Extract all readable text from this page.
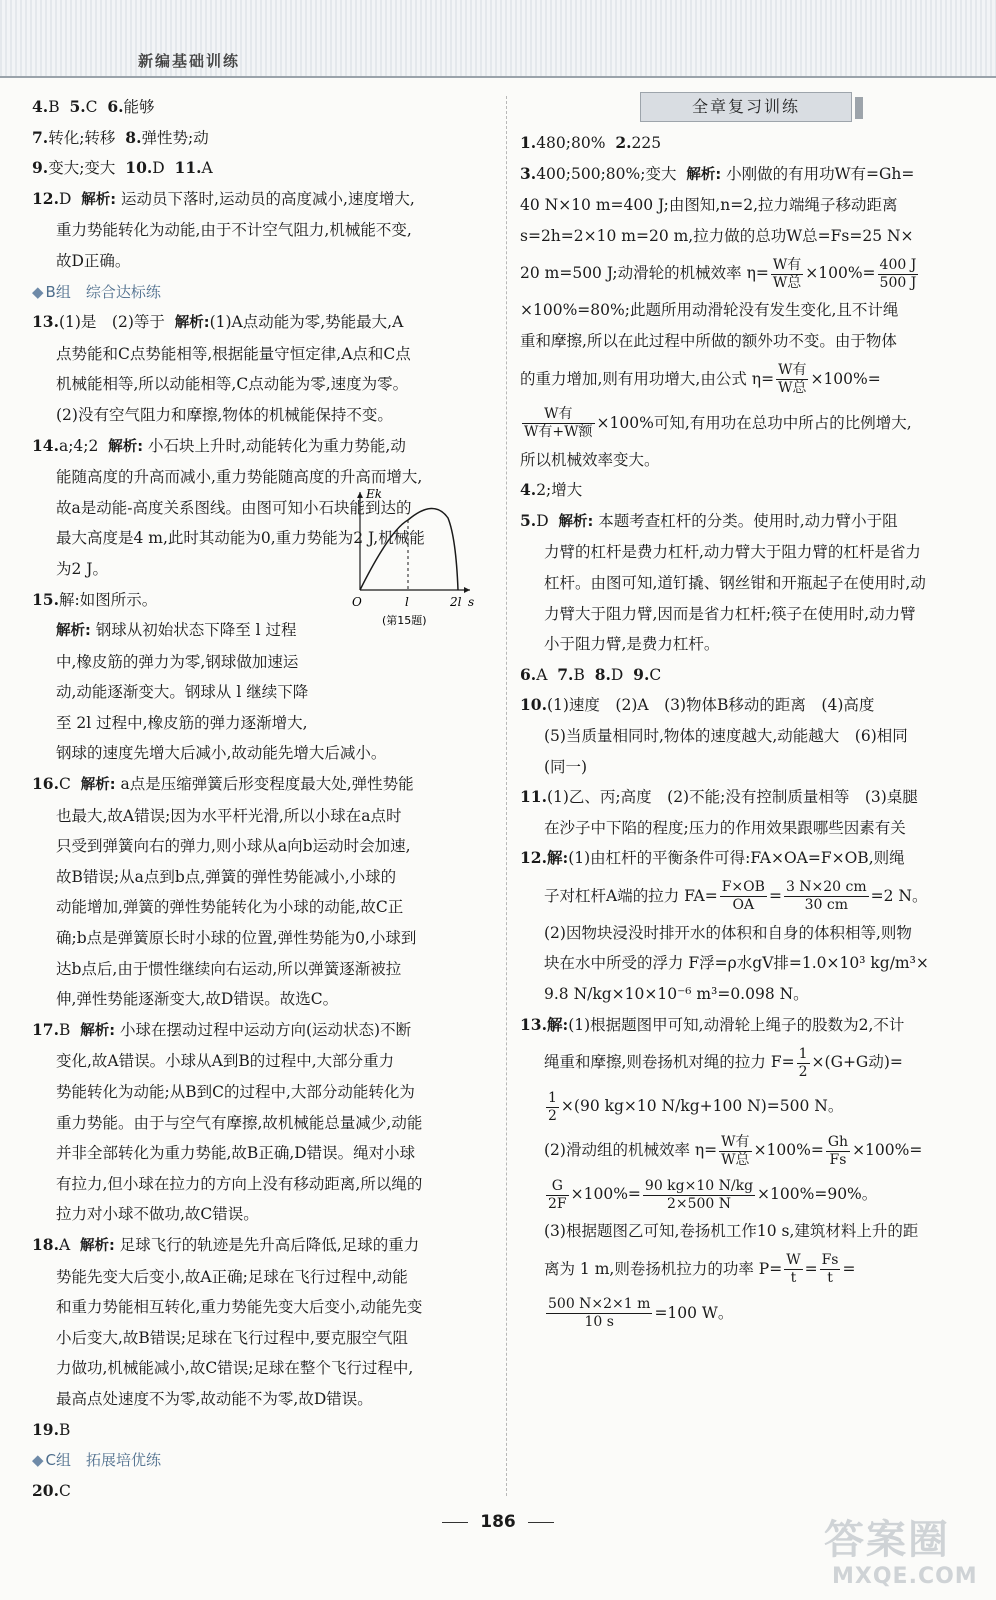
新编基础训练
4.B 5.C 6.能够
7.转化;转移 8.弹性势;动
9.变大;变大 10.D 11.A
12.D 解析: 运动员下落时,运动员的高度减小,速度增大,
重力势能转化为动能,由于不计空气阻力,机械能不变,
故D正确。
◆ B组　综合达标练
13.(1)是　(2)等于 解析:(1)A点动能为零,势能最大,A
点势能和C点势能相等,根据能量守恒定律,A点和C点
机械能相等,所以动能相等,C点动能为零,速度为零。
(2)没有空气阻力和摩擦,物体的机械能保持不变。
14.a;4;2 解析: 小石块上升时,动能转化为重力势能,动
能随高度的升高而减小,重力势能随高度的升高而增大,
故a是动能-高度关系图线。由图可知小石块能到达的
最大高度是4 m,此时其动能为0,重力势能为2 J,机械能
为2 J。
15.解:如图所示。
解析: 钢球从初始状态下降至 l 过程
中,橡皮筋的弹力为零,钢球做加速运
动,动能逐渐变大。钢球从 l 继续下降
至 2l 过程中,橡皮筋的弹力逐渐增大,
钢球的速度先增大后减小,故动能先增大后减小。
16.C 解析: a点是压缩弹簧后形变程度最大处,弹性势能
也最大,故A错误;因为水平杆光滑,所以小球在a点时
只受到弹簧向右的弹力,则小球从a向b运动时会加速,
故B错误;从a点到b点,弹簧的弹性势能减小,小球的
动能增加,弹簧的弹性势能转化为小球的动能,故C正
确;b点是弹簧原长时小球的位置,弹性势能为0,小球到
达b点后,由于惯性继续向右运动,所以弹簧逐渐被拉
伸,弹性势能逐渐变大,故D错误。故选C。
17.B 解析: 小球在摆动过程中运动方向(运动状态)不断
变化,故A错误。小球从A到B的过程中,大部分重力
势能转化为动能;从B到C的过程中,大部分动能转化为
重力势能。由于与空气有摩擦,故机械能总量减少,动能
并非全部转化为重力势能,故B正确,D错误。绳对小球
有拉力,但小球在拉力的方向上没有移动距离,所以绳的
拉力对小球不做功,故C错误。
18.A 解析: 足球飞行的轨迹是先升高后降低,足球的重力
势能先变大后变小,故A正确;足球在飞行过程中,动能
和重力势能相互转化,重力势能先变大后变小,动能先变
小后变大,故B错误;足球在飞行过程中,要克服空气阻
力做功,机械能减小,故C错误;足球在整个飞行过程中,
最高点处速度不为零,故动能不为零,故D错误。
19.B
◆ C组　拓展培优练
20.C
Ek
s
O	l	2l
(第15题)
全章复习训练
1.480;80% 2.225
3.400;500;80%;变大 解析: 小刚做的有用功W有=Gh=
40 N×10 m=400 J;由图知,n=2,拉力端绳子移动距离
s=2h=2×10 m=20 m,拉力做的总功W总=Fs=25 N×
20 m=500 J;动滑轮的机械效率 $\eta= \frac{\text{W有}}{\text{W总}} \times 100\%= \frac{400 J}{500 J}$
×100%=80%;此题所用动滑轮没有发生变化,且不计绳
重和摩擦,所以在此过程中所做的额外功不变。由于物体
的重力增加,则有用功增大,由公式 $\eta= \frac{\text{W有}}{\text{W总}} \times 100\%=$
$\frac{\text{W有}}{\text{W有+W额}} \times 100\%$可知,有用功在总功中所占的比例增大,
所以机械效率变大。
4.2;增大
5.D 解析: 本题考查杠杆的分类。使用时,动力臂小于阻
力臂的杠杆是费力杠杆,动力臂大于阻力臂的杠杆是省力
杠杆。由图可知,道钉撬、钢丝钳和开瓶起子在使用时,动
力臂大于阻力臂,因而是省力杠杆;筷子在使用时,动力臂
小于阻力臂,是费力杠杆。
6.A 7.B 8.D 9.C
10.(1)速度　(2)A　(3)物体B移动的距离　(4)高度
(5)当质量相同时,物体的速度越大,动能越大　(6)相同
(同一)
11.(1)乙、丙;高度　(2)不能;没有控制质量相等　(3)桌腿
在沙子中下陷的程度;压力的作用效果跟哪些因素有关
12.解:(1)由杠杆的平衡条件可得:FA×OA=F×OB,则绳
子对杠杆A端的拉力 $FA= \frac{F\times OB}{OA} = \frac{3 N\times 20 cm}{30 cm} =2$ N。
(2)因物块浸没时排开水的体积和自身的体积相等,则物
块在水中所受的浮力 F浮=ρ水gV排=1.0×10³ kg/m³×
9.8 N/kg×10×10⁻⁶ m³=0.098 N。
13.解:(1)根据题图甲可知,动滑轮上绳子的股数为2,不计
绳重和摩擦,则卷扬机对绳的拉力 $F= \frac{1}{2} \times(G+G$动)=
$\frac{1}{2} \times(90$ kg×10 N/kg+100 N)=500 N。
(2)滑动组的机械效率 $\eta= \frac{\text{W有}}{\text{W总}} \times 100\%= \frac{Gh}{Fs} \times 100\%=$
$\frac{G}{2F} \times 100\%= \frac{90 kg\times 10 N/kg}{2\times 500 N} \times 100\%=90\%$。
(3)根据题图乙可知,卷扬机工作10 s,建筑材料上升的距
离为 1 m,则卷扬机拉力的功率 $P= \frac{W}{t} = \frac{Fs}{t}$ =
$\frac{500 N\times 2\times 1 m}{10 s} =100$ W。
186	答案圈
MXQE.COM
